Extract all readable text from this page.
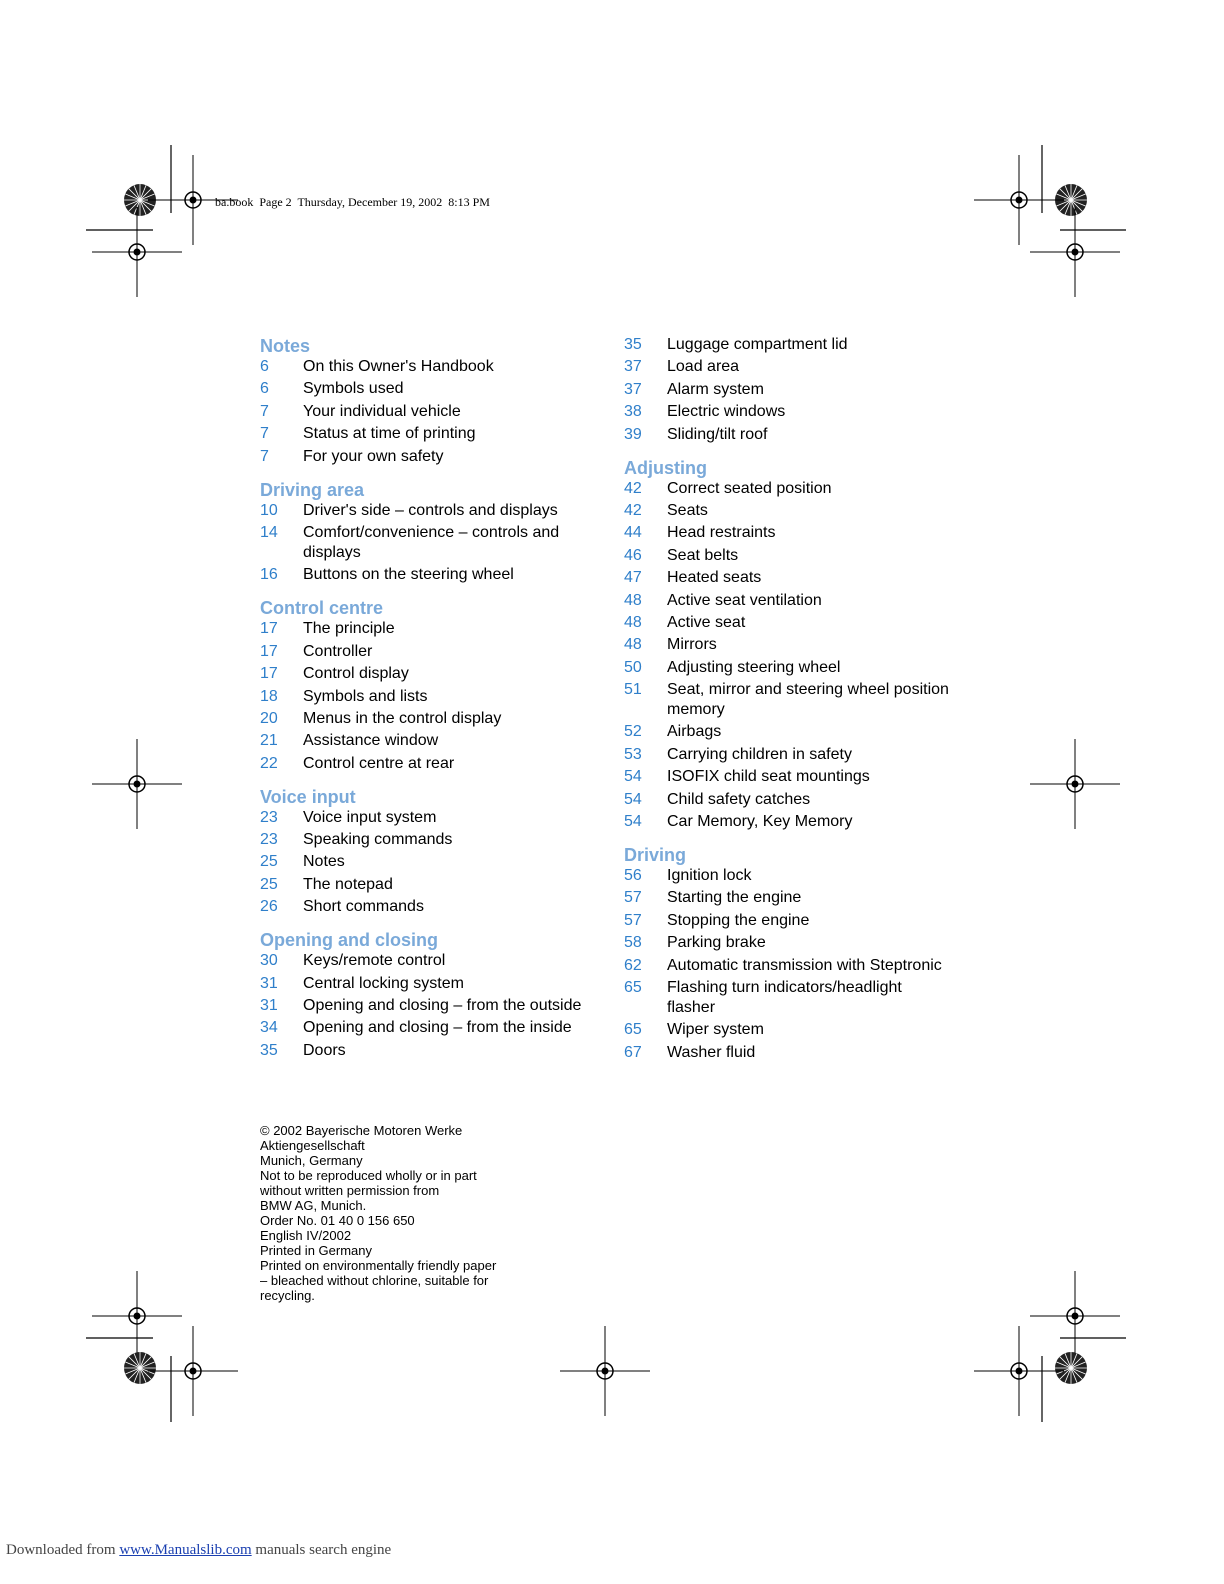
ba.book Page 2 Thursday, December 19, 2002 8:13 PM
Notes
6	On this Owner's Handbook
6	Symbols used
7	Your individual vehicle
7	Status at time of printing
7	For your own safety
Driving area
10	Driver's side – controls and displays
14	Comfort/convenience – controls and displays
16	Buttons on the steering wheel
Control centre
17	The principle
17	Controller
17	Control display
18	Symbols and lists
20	Menus in the control display
21	Assistance window
22	Control centre at rear
Voice input
23	Voice input system
23	Speaking commands
25	Notes
25	The notepad
26	Short commands
Opening and closing
30	Keys/remote control
31	Central locking system
31	Opening and closing – from the outside
34	Opening and closing – from the inside
35	Doors
35	Luggage compartment lid
37	Load area
37	Alarm system
38	Electric windows
39	Sliding/tilt roof
Adjusting
42	Correct seated position
42	Seats
44	Head restraints
46	Seat belts
47	Heated seats
48	Active seat ventilation
48	Active seat
48	Mirrors
50	Adjusting steering wheel
51	Seat, mirror and steering wheel position memory
52	Airbags
53	Carrying children in safety
54	ISOFIX child seat mountings
54	Child safety catches
54	Car Memory, Key Memory
Driving
56	Ignition lock
57	Starting the engine
57	Stopping the engine
58	Parking brake
62	Automatic transmission with Steptronic
65	Flashing turn indicators/headlight flasher
65	Wiper system
67	Washer fluid
© 2002 Bayerische Motoren Werke
Aktiengesellschaft
Munich, Germany
Not to be reproduced wholly or in part
without written permission from
BMW AG, Munich.
Order No. 01 40 0 156 650
English IV/2002
Printed in Germany
Printed on environmentally friendly paper
– bleached without chlorine, suitable for
recycling.
Downloaded from www.Manualslib.com manuals search engine
